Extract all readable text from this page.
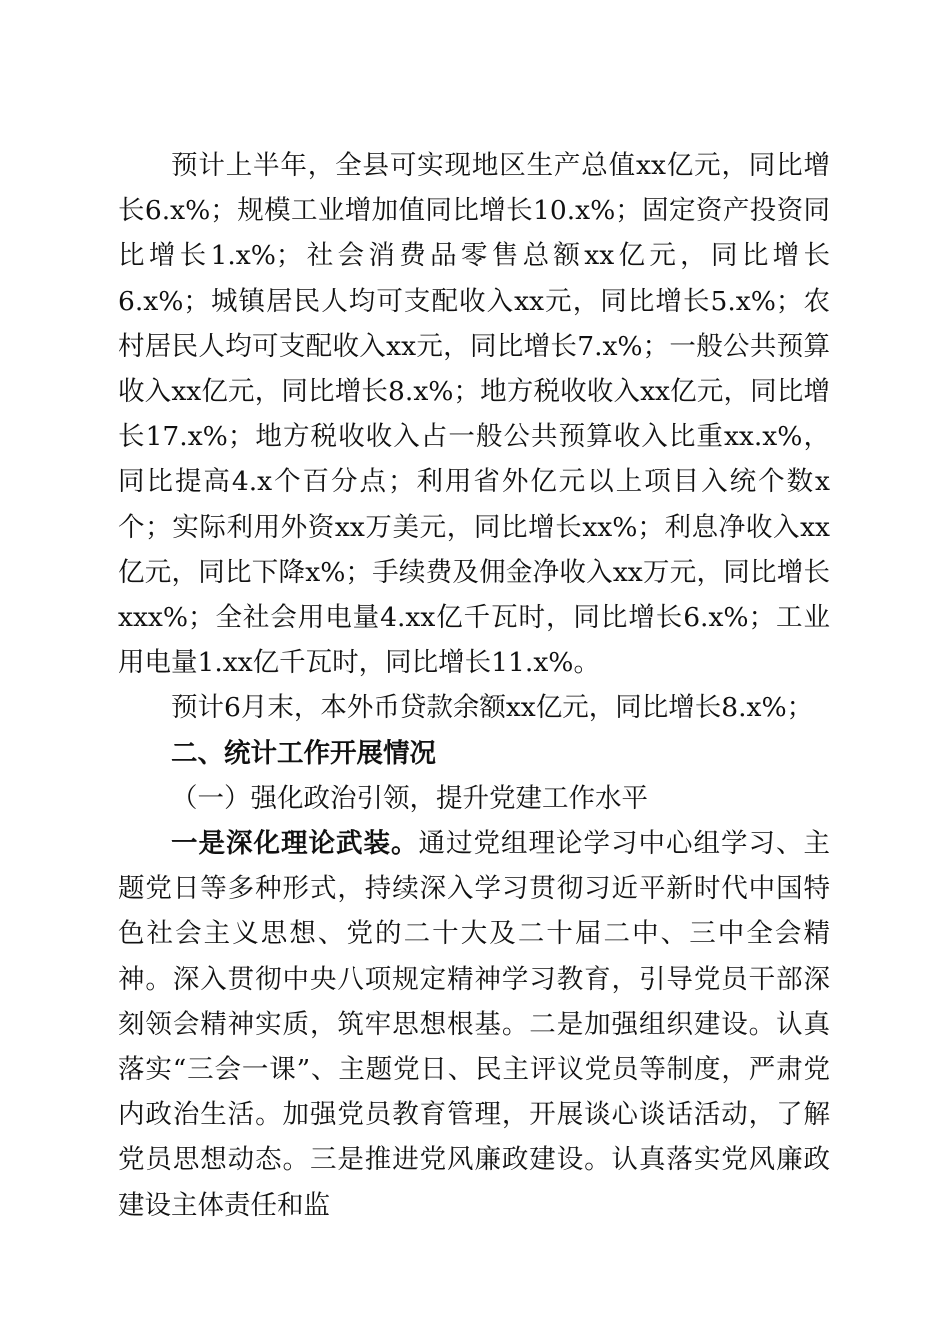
预计上半年，全县可实现地区生产总值xx亿元，同比增长6.x%；规模工业增加值同比增长10.x%；固定资产投资同比增长1.x%；社会消费品零售总额xx亿元，同比增长6.x%；城镇居民人均可支配收入xx元，同比增长5.x%；农村居民人均可支配收入xx元，同比增长7.x%；一般公共预算收入xx亿元，同比增长8.x%；地方税收收入xx亿元，同比增长17.x%；地方税收收入占一般公共预算收入比重xx.x%，同比提高4.x个百分点；利用省外亿元以上项目入统个数x个；实际利用外资xx万美元，同比增长xx%；利息净收入xx亿元，同比下降x%；手续费及佣金净收入xx万元，同比增长xxx%；全社会用电量4.xx亿千瓦时，同比增长6.x%；工业用电量1.xx亿千瓦时，同比增长11.x%。

预计6月末，本外币贷款余额xx亿元，同比增长8.x%；

二、统计工作开展情况

（一）强化政治引领，提升党建工作水平

一是深化理论武装。通过党组理论学习中心组学习、主题党日等多种形式，持续深入学习贯彻习近平新时代中国特色社会主义思想、党的二十大及二十届二中、三中全会精神。深入贯彻中央八项规定精神学习教育，引导党员干部深刻领会精神实质，筑牢思想根基。二是加强组织建设。认真落实“三会一课”、主题党日、民主评议党员等制度，严肃党内政治生活。加强党员教育管理，开展谈心谈话活动，了解党员思想动态。三是推进党风廉政建设。认真落实党风廉政建设主体责任和监
